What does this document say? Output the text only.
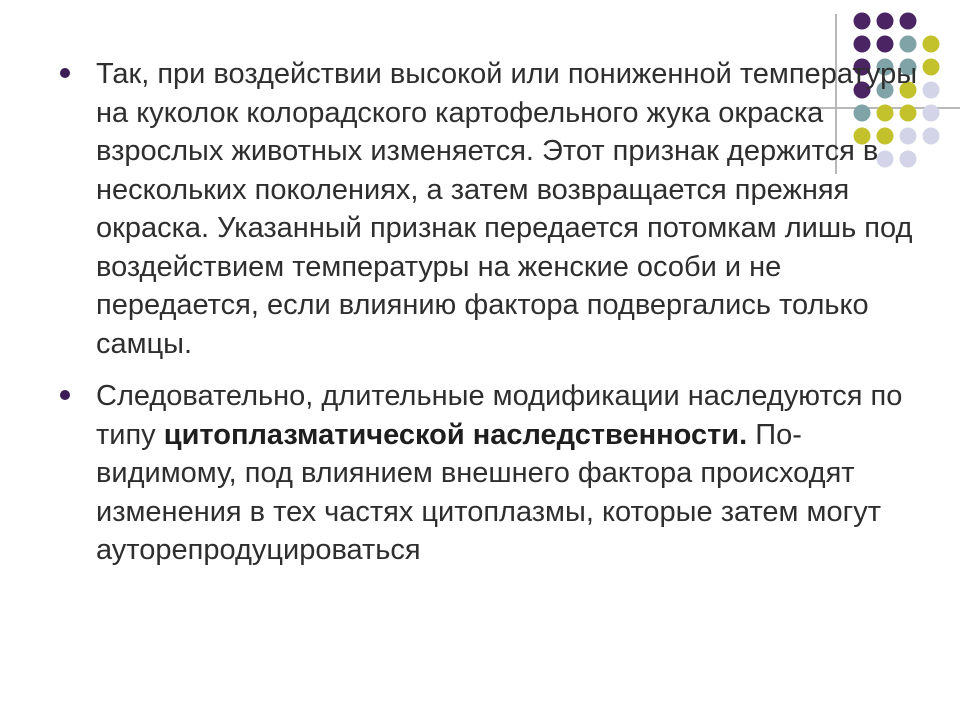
Так, при воздействии высокой или пониженной температуры на куколок колорадского картофельного жука окраска взрослых животных изменяется. Этот признак держится в нескольких поколениях, а затем возвращается прежняя окраска. Указанный признак передается потомкам лишь под воздействием температуры на женские особи и не передается, если влиянию фактора подвергались только самцы.
Следовательно, длительные модификации наследуются по типу цитоплазматической наследственности. По-видимому, под влиянием внешнего фактора происходят изменения в тех частях цитоплазмы, которые затем могут ауторепродуцироваться
